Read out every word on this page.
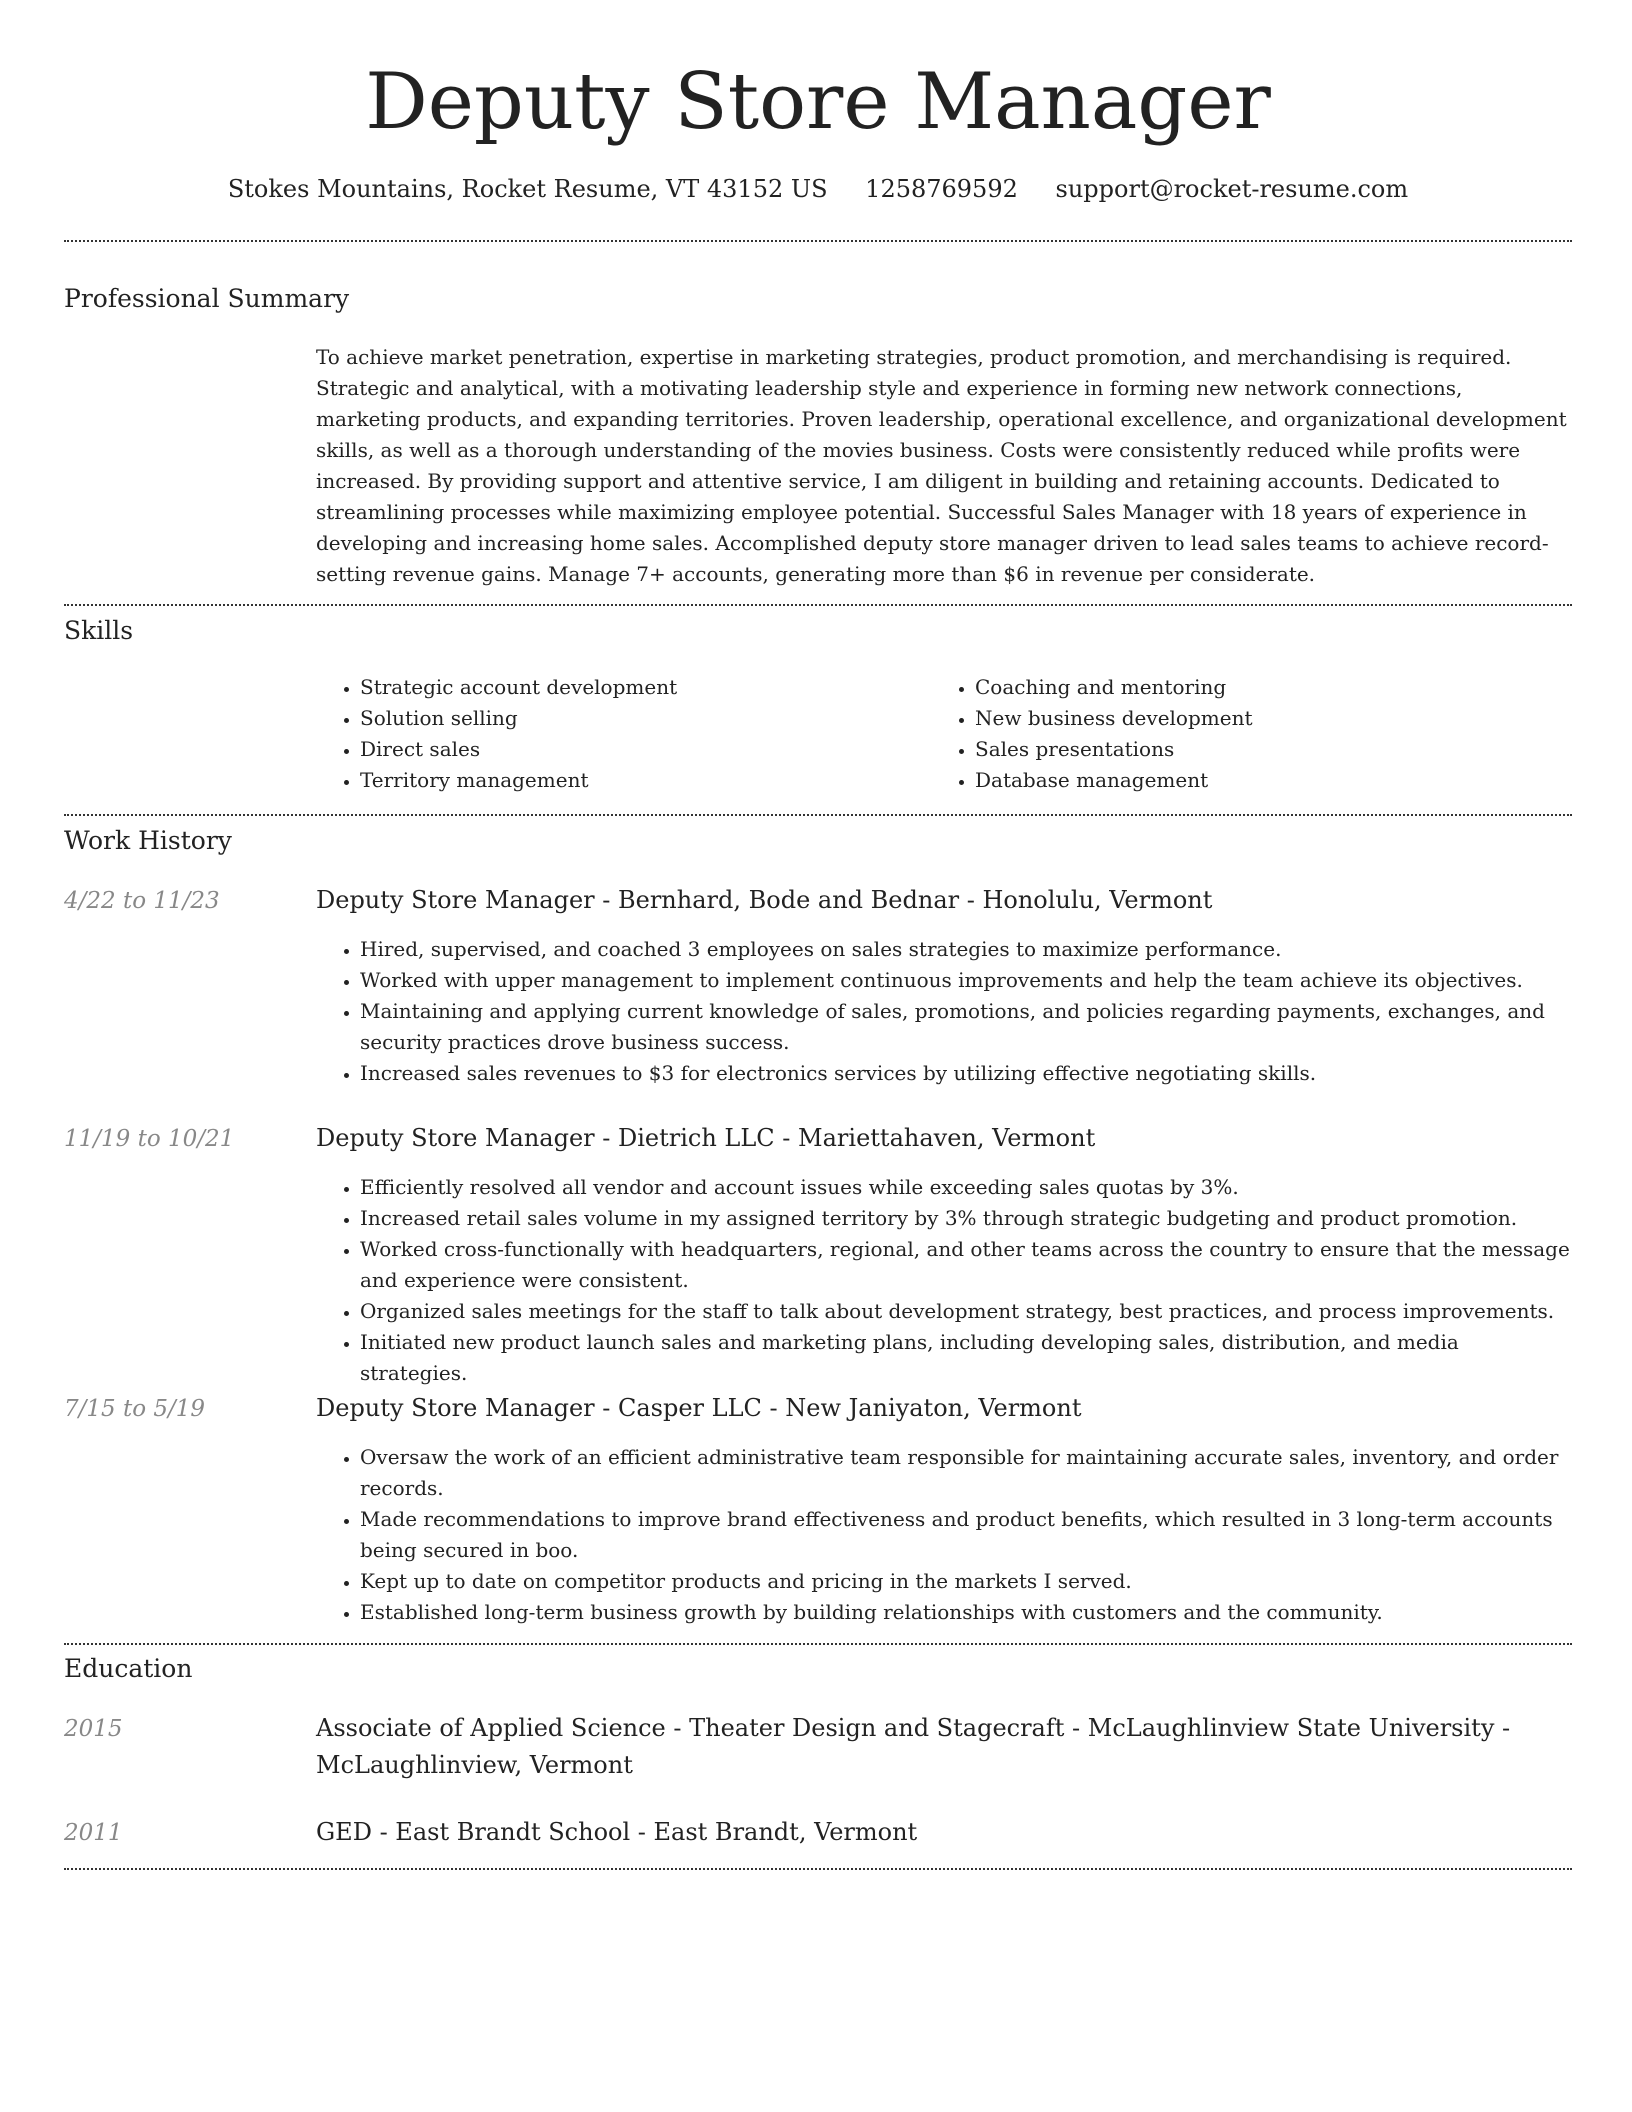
Deputy Store Manager
Stokes Mountains, Rocket Resume, VT 43152 US 1258769592 support@rocket-resume.com
Professional Summary
To achieve market penetration, expertise in marketing strategies, product promotion, and merchandising is required. Strategic and analytical, with a motivating leadership style and experience in forming new network connections, marketing products, and expanding territories. Proven leadership, operational excellence, and organizational development skills, as well as a thorough understanding of the movies business. Costs were consistently reduced while profits were increased. By providing support and attentive service, I am diligent in building and retaining accounts. Dedicated to streamlining processes while maximizing employee potential. Successful Sales Manager with 18 years of experience in developing and increasing home sales. Accomplished deputy store manager driven to lead sales teams to achieve record-setting revenue gains. Manage 7+ accounts, generating more than $6 in revenue per considerate.
Skills
• Strategic account development
• Solution selling
• Direct sales
• Territory management
• Coaching and mentoring
• New business development
• Sales presentations
• Database management
Work History
4/22 to 11/23	Deputy Store Manager - Bernhard, Bode and Bednar - Honolulu, Vermont
• Hired, supervised, and coached 3 employees on sales strategies to maximize performance.
• Worked with upper management to implement continuous improvements and help the team achieve its objectives.
• Maintaining and applying current knowledge of sales, promotions, and policies regarding payments, exchanges, and security practices drove business success.
• Increased sales revenues to $3 for electronics services by utilizing effective negotiating skills.
11/19 to 10/21	Deputy Store Manager - Dietrich LLC - Mariettahaven, Vermont
• Efficiently resolved all vendor and account issues while exceeding sales quotas by 3%.
• Increased retail sales volume in my assigned territory by 3% through strategic budgeting and product promotion.
• Worked cross-functionally with headquarters, regional, and other teams across the country to ensure that the message and experience were consistent.
• Organized sales meetings for the staff to talk about development strategy, best practices, and process improvements.
• Initiated new product launch sales and marketing plans, including developing sales, distribution, and media strategies.
7/15 to 5/19	Deputy Store Manager - Casper LLC - New Janiyaton, Vermont
• Oversaw the work of an efficient administrative team responsible for maintaining accurate sales, inventory, and order records.
• Made recommendations to improve brand effectiveness and product benefits, which resulted in 3 long-term accounts being secured in boo.
• Kept up to date on competitor products and pricing in the markets I served.
• Established long-term business growth by building relationships with customers and the community.
Education
2015	Associate of Applied Science - Theater Design and Stagecraft - McLaughlinview State University - McLaughlinview, Vermont
2011	GED - East Brandt School - East Brandt, Vermont
